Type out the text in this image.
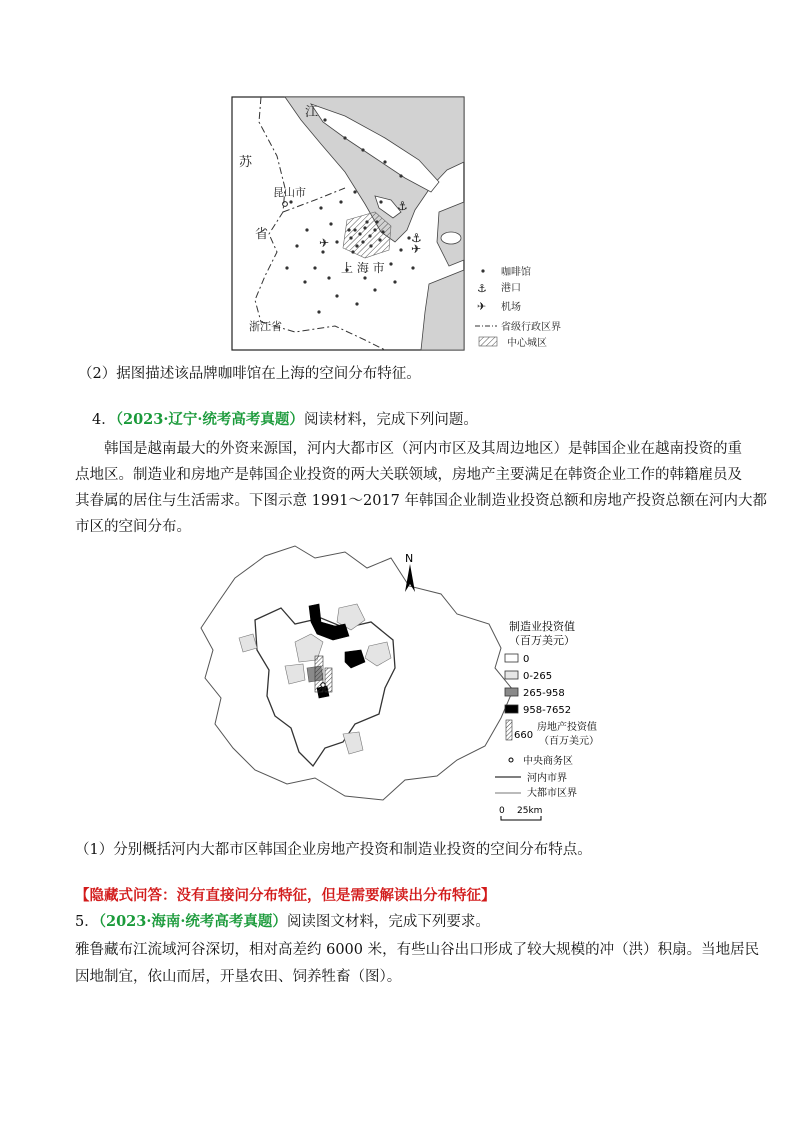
⚓
⚓
✈
✈
江
苏
昆山市
省
上 海 市
浙江省
咖啡馆
⚓ 港口
✈ 机场
省级行政区界
中心城区
（2）据图描述该品牌咖啡馆在上海的空间分布特征。
4．（2023·辽宁·统考高考真题）阅读材料，完成下列问题。
韩国是越南最大的外资来源国，河内大都市区（河内市区及其周边地区）是韩国企业在越南投资的重
点地区。制造业和房地产是韩国企业投资的两大关联领域，房地产主要满足在韩资企业工作的韩籍雇员及
其眷属的居住与生活需求。下图示意 1991～2017 年韩国企业制造业投资总额和房地产投资总额在河内大都
市区的空间分布。
N
制造业投资值
（百万美元）
0
0-265
265-958
958-7652
660
房地产投资值
（百万美元）
中央商务区
河内市界
大都市区界
0 25km
（1）分别概括河内大都市区韩国企业房地产投资和制造业投资的空间分布特点。
【隐藏式问答：没有直接问分布特征，但是需要解读出分布特征】
5．（2023·海南·统考高考真题）阅读图文材料，完成下列要求。
雅鲁藏布江流域河谷深切，相对高差约 6000 米，有些山谷出口形成了较大规模的冲（洪）积扇。当地居民
因地制宜，依山而居，开垦农田、饲养牲畜（图）。
